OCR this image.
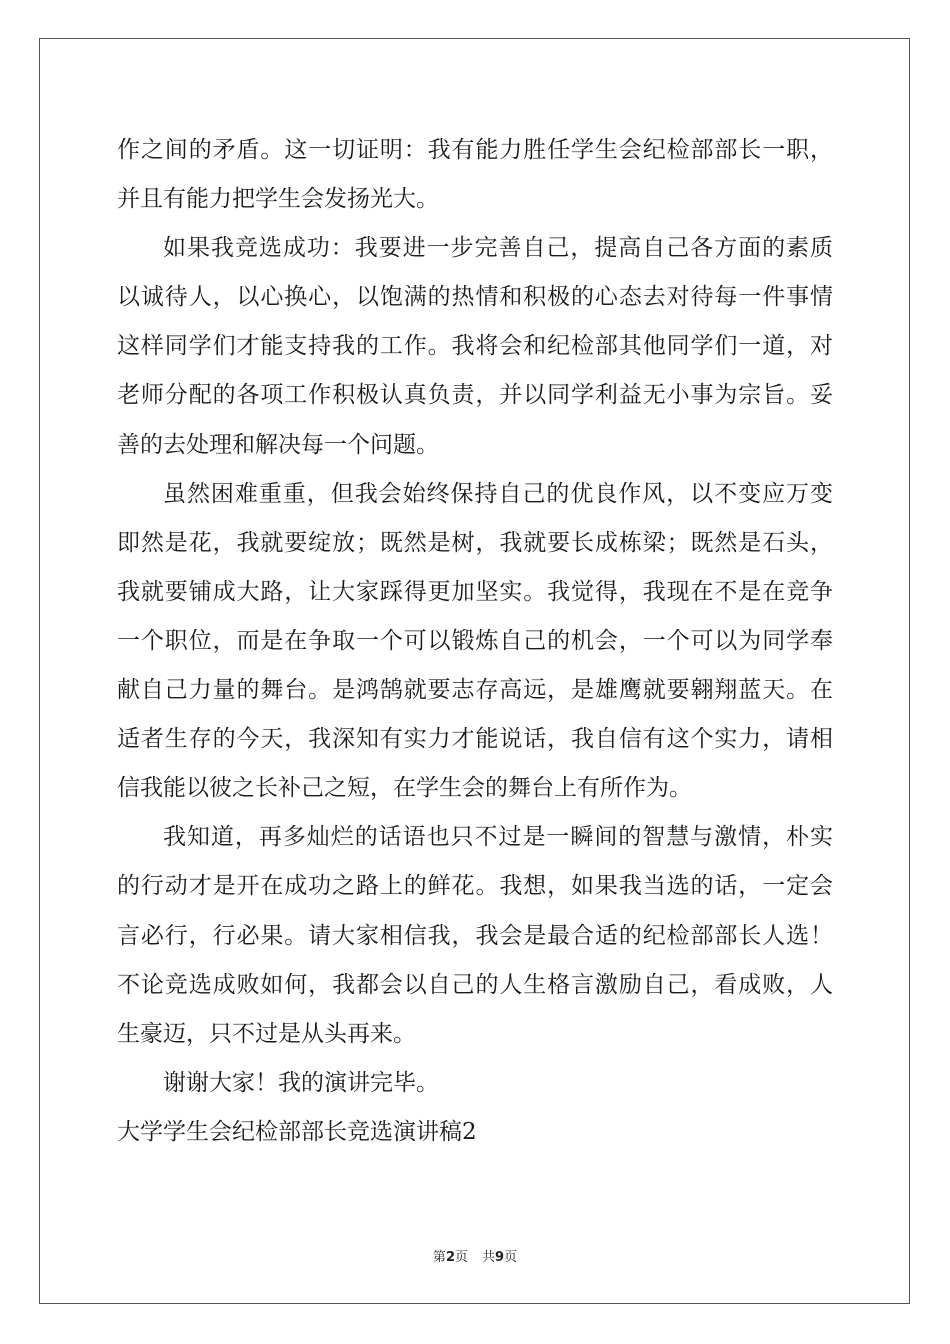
作之间的矛盾。这一切证明：我有能力胜任学生会纪检部部长一职，
并且有能力把学生会发扬光大。
如果我竞选成功：我要进一步完善自己，提高自己各方面的素质
以诚待人，以心换心，以饱满的热情和积极的心态去对待每一件事情
这样同学们才能支持我的工作。我将会和纪检部其他同学们一道，对
老师分配的各项工作积极认真负责，并以同学利益无小事为宗旨。妥
善的去处理和解决每一个问题。
虽然困难重重，但我会始终保持自己的优良作风，以不变应万变
即然是花，我就要绽放；既然是树，我就要长成栋梁；既然是石头，
我就要铺成大路，让大家踩得更加坚实。我觉得，我现在不是在竞争
一个职位，而是在争取一个可以锻炼自己的机会，一个可以为同学奉
献自己力量的舞台。是鸿鹄就要志存高远，是雄鹰就要翱翔蓝天。在
适者生存的今天，我深知有实力才能说话，我自信有这个实力，请相
信我能以彼之长补己之短，在学生会的舞台上有所作为。
我知道，再多灿烂的话语也只不过是一瞬间的智慧与激情，朴实
的行动才是开在成功之路上的鲜花。我想，如果我当选的话，一定会
言必行，行必果。请大家相信我，我会是最合适的纪检部部长人选！
不论竞选成败如何，我都会以自己的人生格言激励自己，看成败，人
生豪迈，只不过是从头再来。
谢谢大家！我的演讲完毕。
大学学生会纪检部部长竞选演讲稿2
第2页 共9页
